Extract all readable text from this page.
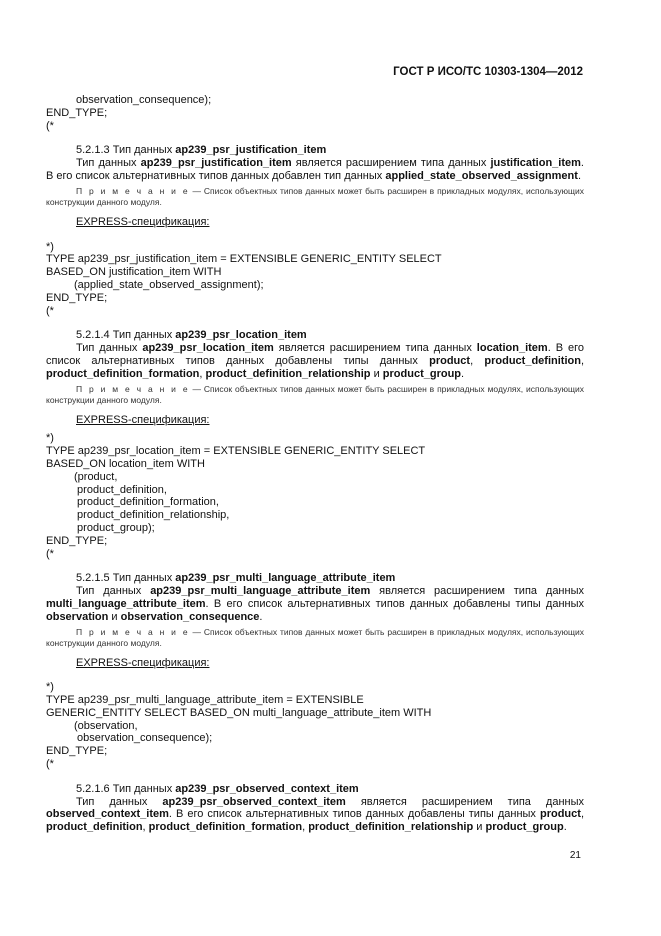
ГОСТ Р ИСО/ТС 10303-1304—2012
observation_consequence);
END_TYPE;
(*
5.2.1.3 Тип данных ap239_psr_justification_item
Тип данных ap239_psr_justification_item является расширением типа данных justification_item. В его список альтернативных типов данных добавлен тип данных applied_state_observed_assignment.
П р и м е ч а н и е — Список объектных типов данных может быть расширен в прикладных модулях, использующих конструкции данного модуля.
EXPRESS-спецификация:
*)
TYPE ap239_psr_justification_item = EXTENSIBLE GENERIC_ENTITY SELECT
BASED_ON justification_item WITH
(applied_state_observed_assignment);
END_TYPE;
(*
5.2.1.4 Тип данных ap239_psr_location_item
Тип данных ap239_psr_location_item является расширением типа данных location_item. В его список альтернативных типов данных добавлены типы данных product, product_definition, product_definition_formation, product_definition_relationship и product_group.
П р и м е ч а н и е — Список объектных типов данных может быть расширен в прикладных модулях, использующих конструкции данного модуля.
EXPRESS-спецификация:
*)
TYPE ap239_psr_location_item = EXTENSIBLE GENERIC_ENTITY SELECT
BASED_ON location_item WITH
(product,
product_definition,
product_definition_formation,
product_definition_relationship,
product_group);
END_TYPE;
(*
5.2.1.5 Тип данных ap239_psr_multi_language_attribute_item
Тип данных ap239_psr_multi_language_attribute_item является расширением типа данных multi_language_attribute_item. В его список альтернативных типов данных добавлены типы данных observation и observation_consequence.
П р и м е ч а н и е — Список объектных типов данных может быть расширен в прикладных модулях, использующих конструкции данного модуля.
EXPRESS-спецификация:
*)
TYPE ap239_psr_multi_language_attribute_item = EXTENSIBLE
GENERIC_ENTITY SELECT BASED_ON multi_language_attribute_item WITH
(observation,
observation_consequence);
END_TYPE;
(*
5.2.1.6 Тип данных ap239_psr_observed_context_item
Тип данных ap239_psr_observed_context_item является расширением типа данных observed_context_item. В его список альтернативных типов данных добавлены типы данных product, product_definition, product_definition_formation, product_definition_relationship и product_group.
21
